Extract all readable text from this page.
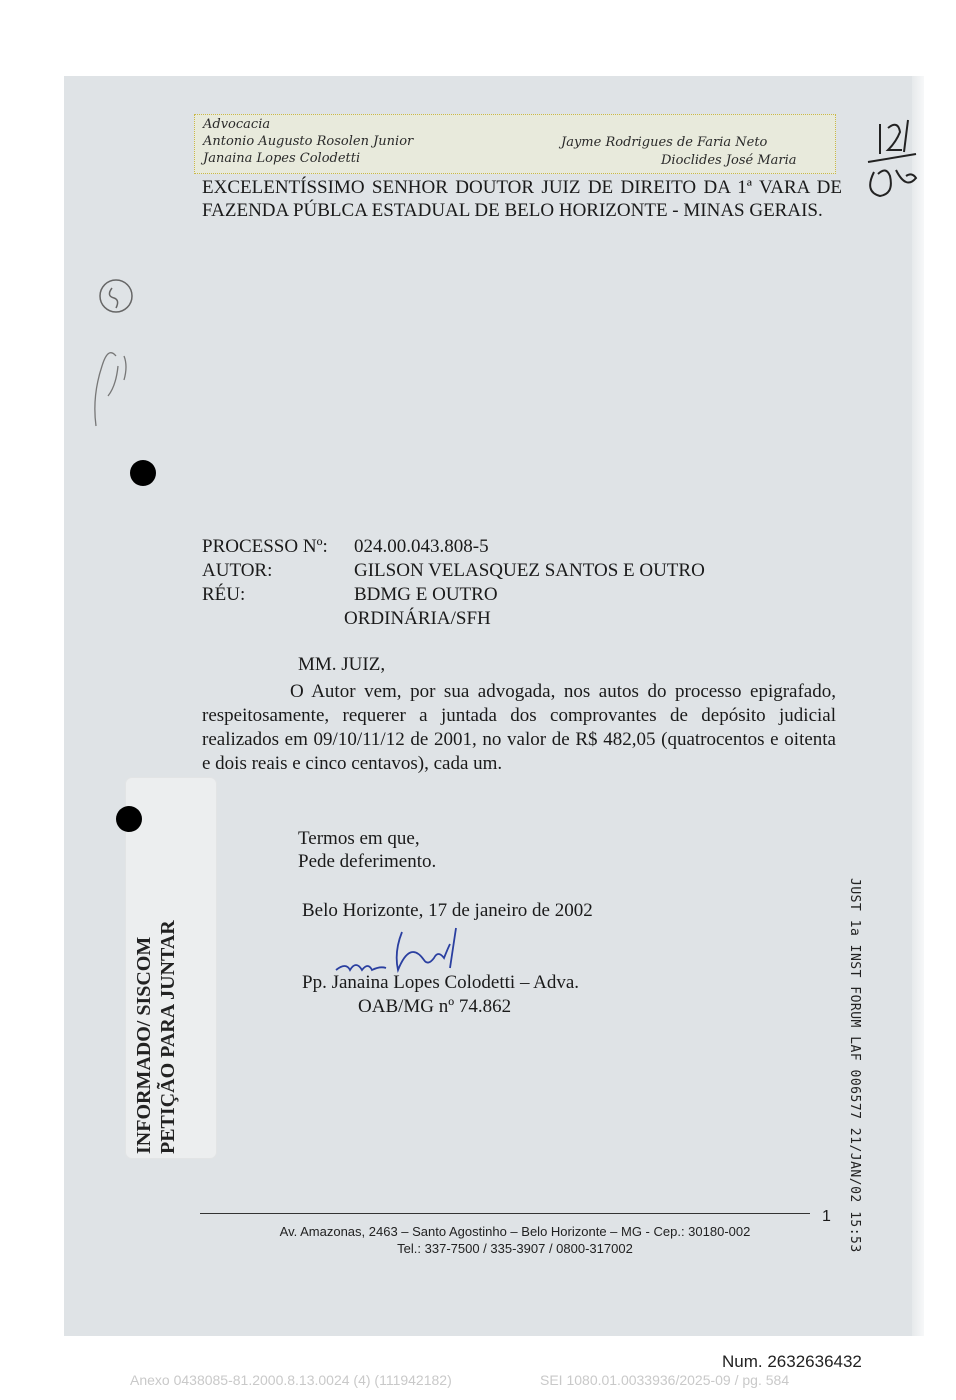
Advocacia
Antonio Augusto Rosolen Junior
Janaina Lopes Colodetti
Jayme Rodrigues de Faria Neto
Dioclides José Maria
EXCELENTÍSSIMO SENHOR DOUTOR JUIZ DE DIREITO DA 1ª VARA DE FAZENDA PÚBLCA ESTADUAL DE BELO HORIZONTE - MINAS GERAIS.
PROCESSO Nº: 024.00.043.808-5
AUTOR:	GILSON VELASQUEZ SANTOS E OUTRO
RÉU:	BDMG E OUTRO
ORDINÁRIA/SFH
MM. JUIZ,
O Autor vem, por sua advogada, nos autos do processo epigrafado, respeitosamente, requerer a juntada dos comprovantes de depósito judicial realizados em 09/10/11/12 de 2001, no valor de R$ 482,05 (quatrocentos e oitenta e dois reais e cinco centavos), cada um.
Termos em que,
Pede deferimento.
Belo Horizonte, 17 de janeiro de 2002
Pp. Janaina Lopes Colodetti – Adva.
OAB/MG nº 74.862	JUST 1a INST FORUM LAF 006577 21/JAN/02 15:53
INFORMADO/ SISCOM PETIÇÃO PARA JUNTAR
Av. Amazonas, 2463 – Santo Agostinho – Belo Horizonte – MG - Cep.: 30180-002
Tel.: 337-7500 / 335-3907 / 0800-317002
1
Num. 2632636432
Anexo 0438085-81.2000.8.13.0024 (4) (111942182)	SEI 1080.01.0033936/2025-09 / pg. 584
